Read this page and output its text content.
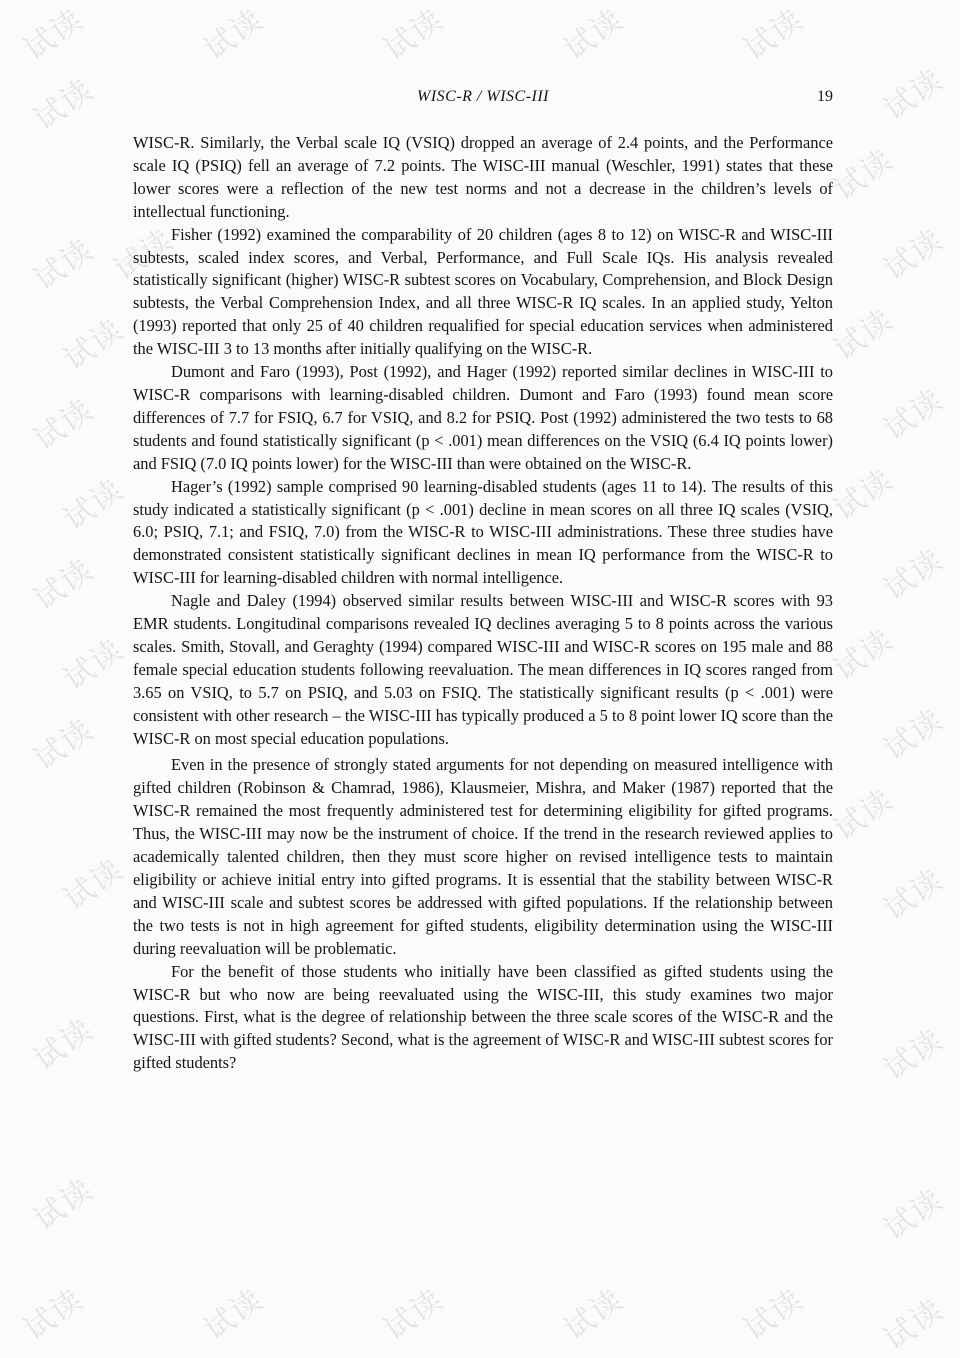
试读	试读	试读	试读	试读
试读
试读
试读
试读
试读	试读
试读	试读
试读	试读
试读	试读
试读	试读
试读	试读
试读	试读
试读
试读
试读
试读
试读
试读	试读
试读	试读	试读	试读	试读 试读
WISC-R / WISC-III	19

WISC-R. Similarly, the Verbal scale IQ (VSIQ) dropped an average of 2.4 points, and the Performance scale IQ (PSIQ) fell an average of 7.2 points. The WISC-III manual (Weschler, 1991) states that these lower scores were a reflection of the new test norms and not a decrease in the children’s levels of intellectual functioning.

Fisher (1992) examined the comparability of 20 children (ages 8 to 12) on WISC-R and WISC-III subtests, scaled index scores, and Verbal, Performance, and Full Scale IQs. His analysis revealed statistically significant (higher) WISC-R subtest scores on Vocabulary, Comprehension, and Block Design subtests, the Verbal Comprehension Index, and all three WISC-R IQ scales. In an applied study, Yelton (1993) reported that only 25 of 40 children requalified for special education services when administered the WISC-III 3 to 13 months after initially qualifying on the WISC-R.

Dumont and Faro (1993), Post (1992), and Hager (1992) reported similar declines in WISC-III to WISC-R comparisons with learning-disabled children. Dumont and Faro (1993) found mean score differences of 7.7 for FSIQ, 6.7 for VSIQ, and 8.2 for PSIQ. Post (1992) administered the two tests to 68 students and found statistically significant (p < .001) mean differences on the VSIQ (6.4 IQ points lower) and FSIQ (7.0 IQ points lower) for the WISC-III than were obtained on the WISC-R.

Hager’s (1992) sample comprised 90 learning-disabled students (ages 11 to 14). The results of this study indicated a statistically significant (p < .001) decline in mean scores on all three IQ scales (VSIQ, 6.0; PSIQ, 7.1; and FSIQ, 7.0) from the WISC-R to WISC-III administrations. These three studies have demonstrated consistent statistically significant declines in mean IQ performance from the WISC-R to WISC-III for learning-disabled children with normal intelligence.

Nagle and Daley (1994) observed similar results between WISC-III and WISC-R scores with 93 EMR students. Longitudinal comparisons revealed IQ declines averaging 5 to 8 points across the various scales. Smith, Stovall, and Geraghty (1994) compared WISC-III and WISC-R scores on 195 male and 88 female special education students following reevaluation. The mean differences in IQ scores ranged from 3.65 on VSIQ, to 5.7 on PSIQ, and 5.03 on FSIQ. The statistically significant results (p < .001) were consistent with other research – the WISC-III has typically produced a 5 to 8 point lower IQ score than the WISC-R on most special education populations.

Even in the presence of strongly stated arguments for not depending on measured intelligence with gifted children (Robinson & Chamrad, 1986), Klausmeier, Mishra, and Maker (1987) reported that the WISC-R remained the most frequently administered test for determining eligibility for gifted programs. Thus, the WISC-III may now be the instrument of choice. If the trend in the research reviewed applies to academically talented children, then they must score higher on revised intelligence tests to maintain eligibility or achieve initial entry into gifted programs. It is essential that the stability between WISC-R and WISC-III scale and subtest scores be addressed with gifted populations. If the relationship between the two tests is not in high agreement for gifted students, eligibility determination using the WISC-III during reevaluation will be problematic.

For the benefit of those students who initially have been classified as gifted students using the WISC-R but who now are being reevaluated using the WISC-III, this study examines two major questions. First, what is the degree of relationship between the three scale scores of the WISC-R and the WISC-III with gifted students? Second, what is the agreement of WISC-R and WISC-III subtest scores for gifted students?
